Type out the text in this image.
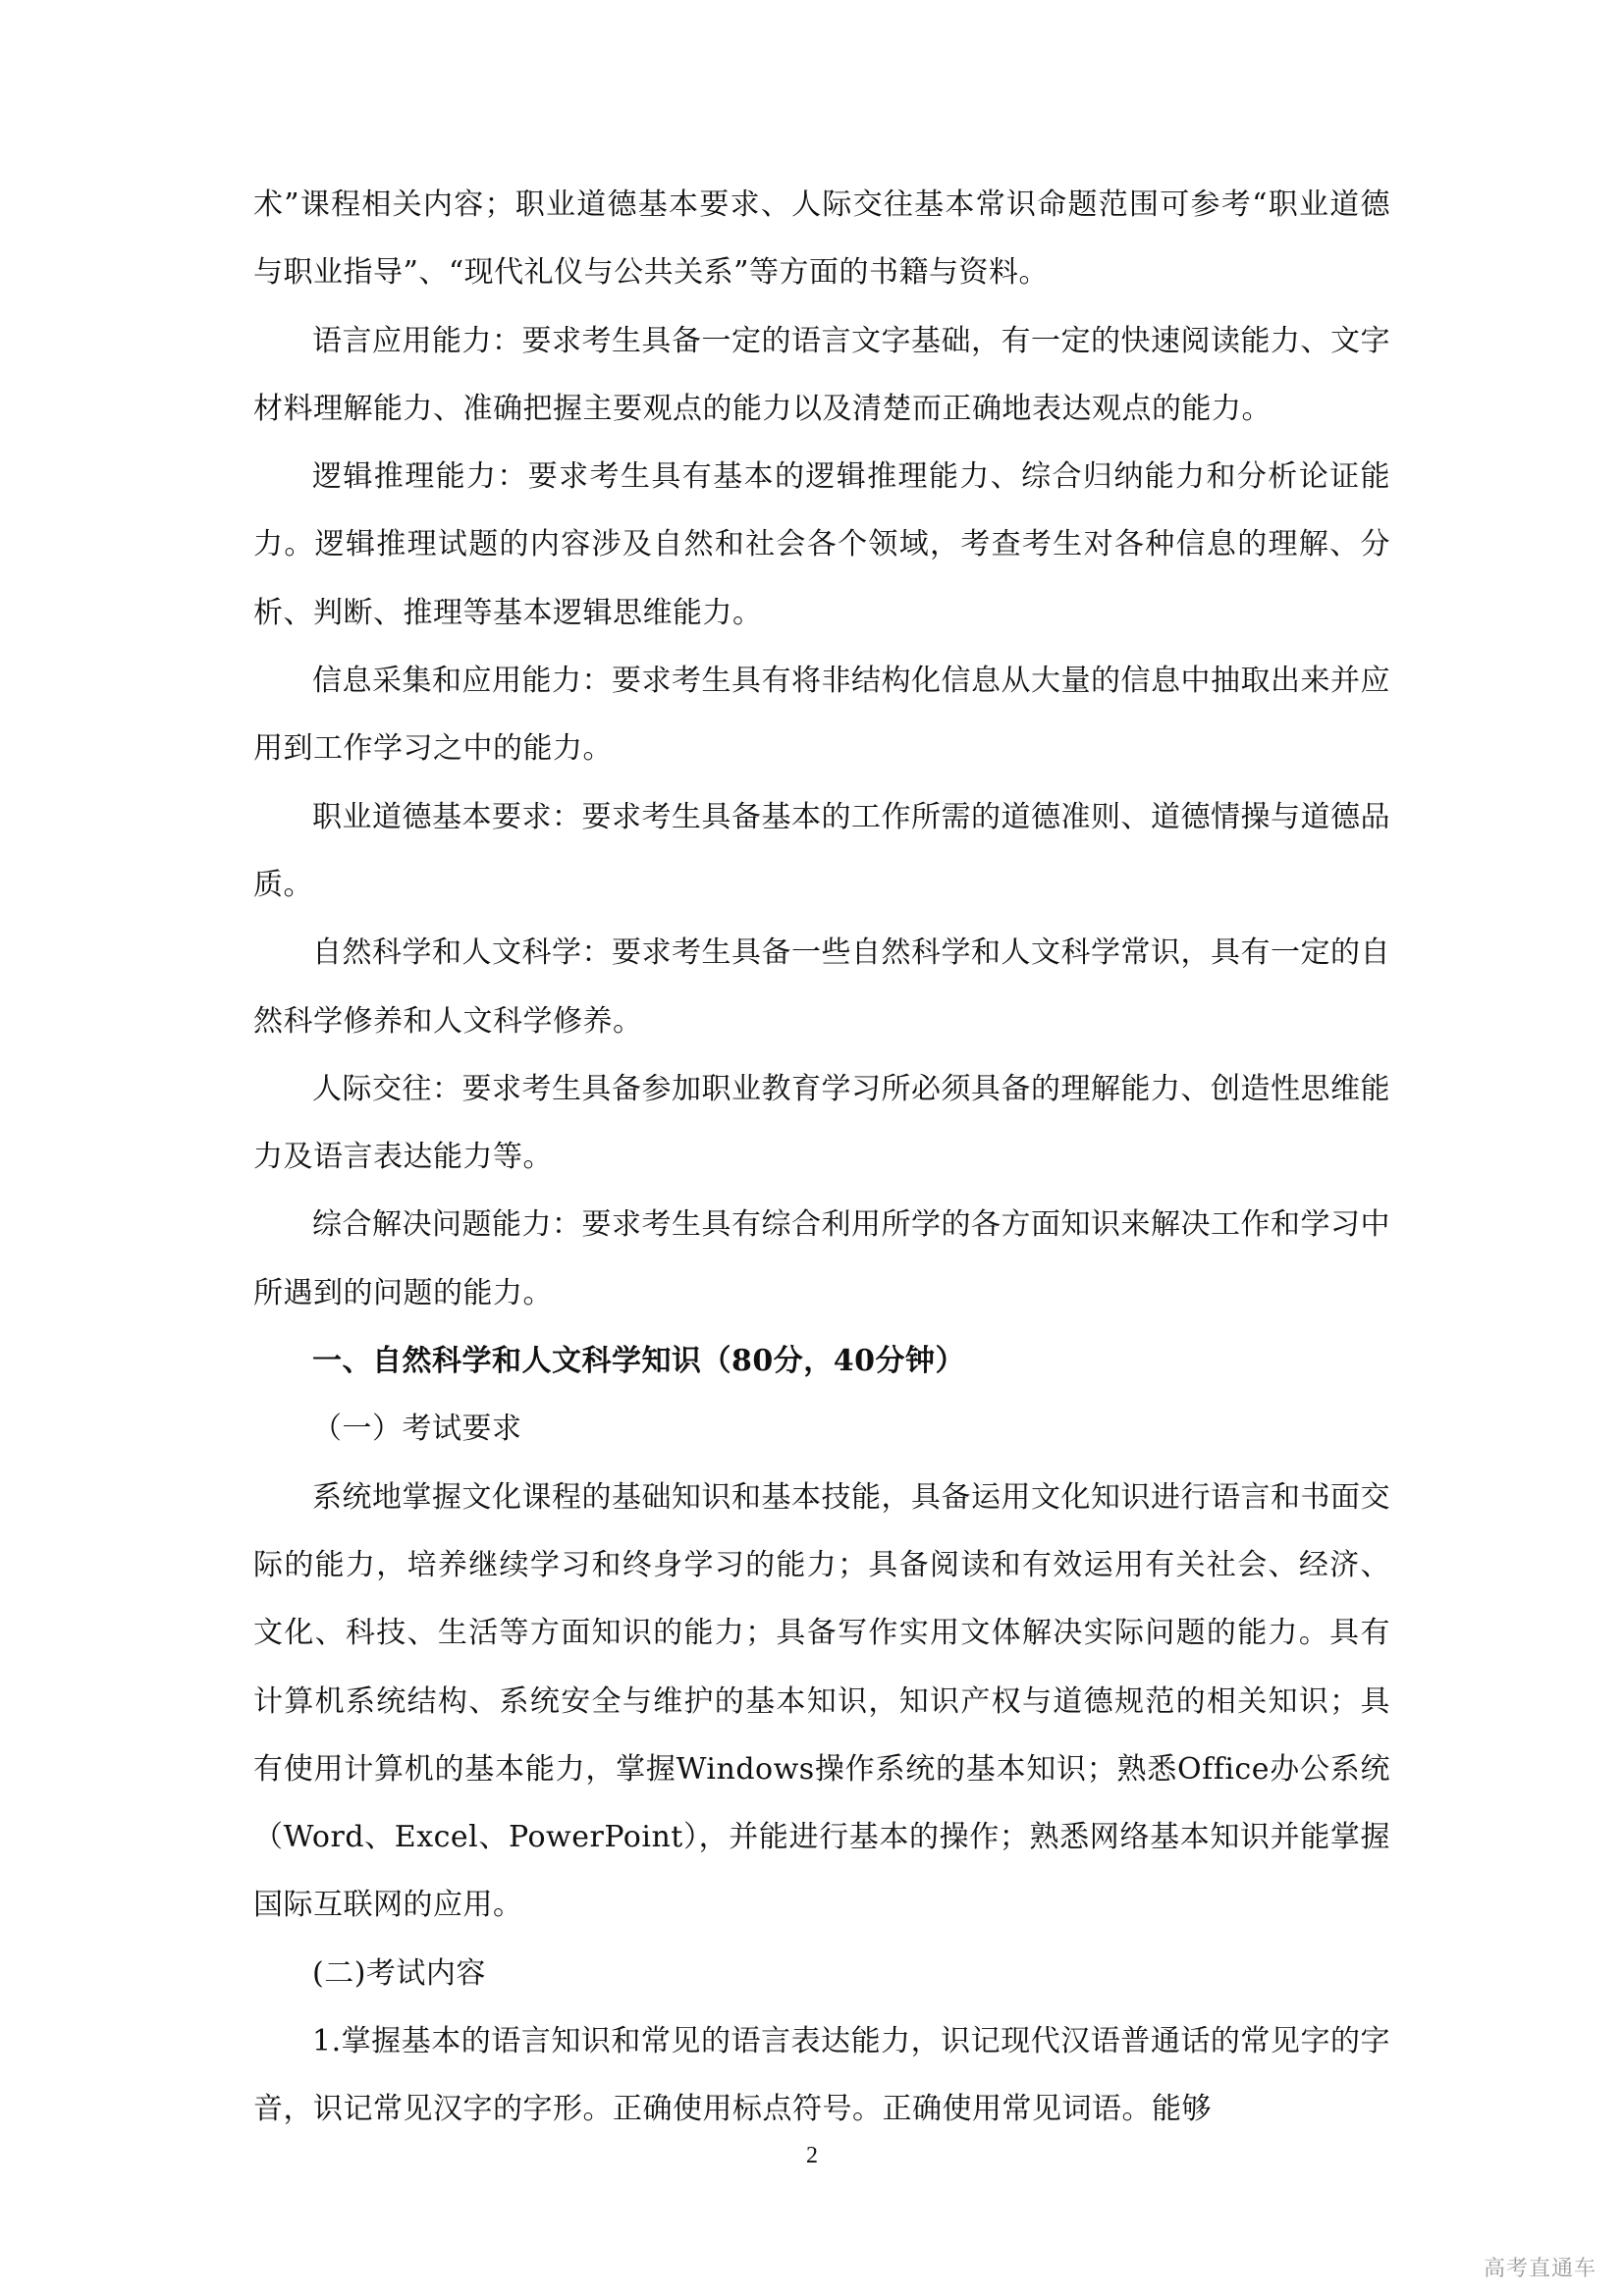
术”课程相关内容；职业道德基本要求、人际交往基本常识命题范围可参考“职业道德与职业指导”、“现代礼仪与公共关系”等方面的书籍与资料。

语言应用能力：要求考生具备一定的语言文字基础，有一定的快速阅读能力、文字材料理解能力、准确把握主要观点的能力以及清楚而正确地表达观点的能力。

逻辑推理能力：要求考生具有基本的逻辑推理能力、综合归纳能力和分析论证能力。逻辑推理试题的内容涉及自然和社会各个领域，考查考生对各种信息的理解、分析、判断、推理等基本逻辑思维能力。

信息采集和应用能力：要求考生具有将非结构化信息从大量的信息中抽取出来并应用到工作学习之中的能力。

职业道德基本要求：要求考生具备基本的工作所需的道德准则、道德情操与道德品质。

自然科学和人文科学：要求考生具备一些自然科学和人文科学常识，具有一定的自然科学修养和人文科学修养。

人际交往：要求考生具备参加职业教育学习所必须具备的理解能力、创造性思维能力及语言表达能力等。

综合解决问题能力：要求考生具有综合利用所学的各方面知识来解决工作和学习中所遇到的问题的能力。

一、自然科学和人文科学知识（80分，40分钟）

（一）考试要求

系统地掌握文化课程的基础知识和基本技能，具备运用文化知识进行语言和书面交际的能力，培养继续学习和终身学习的能力；具备阅读和有效运用有关社会、经济、文化、科技、生活等方面知识的能力；具备写作实用文体解决实际问题的能力。具有计算机系统结构、系统安全与维护的基本知识，知识产权与道德规范的相关知识；具有使用计算机的基本能力，掌握Windows操作系统的基本知识；熟悉Office办公系统（Word、Excel、PowerPoint），并能进行基本的操作；熟悉网络基本知识并能掌握国际互联网的应用。

(二)考试内容

1.掌握基本的语言知识和常见的语言表达能力，识记现代汉语普通话的常见字的字音，识记常见汉字的字形。正确使用标点符号。正确使用常见词语。能够

2
高考直通车
